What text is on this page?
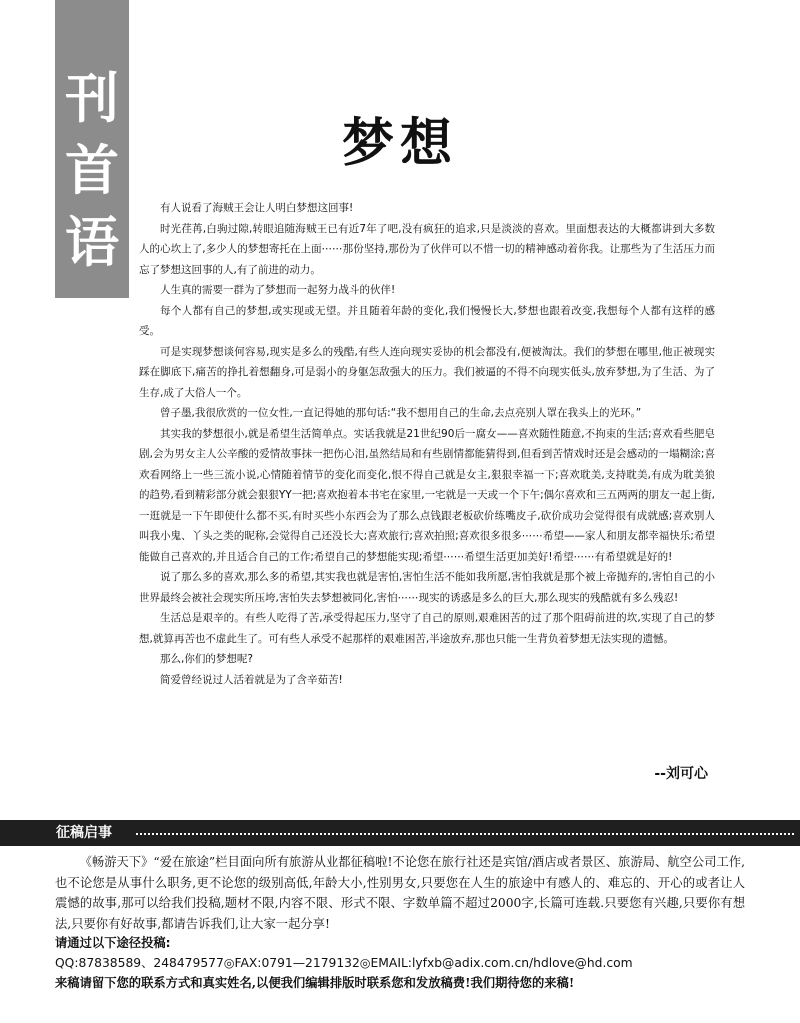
刊
首
语
梦想

有人说看了海贼王会让人明白梦想这回事!

时光荏苒,白驹过隙,转眼追随海贼王已有近7年了吧,没有疯狂的追求,只是淡淡的喜欢。里面想表达的大概都讲到大多数人的心坎上了,多少人的梦想寄托在上面⋯⋯那份坚持,那份为了伙伴可以不惜一切的精神感动着你我。让那些为了生活压力而忘了梦想这回事的人,有了前进的动力。

人生真的需要一群为了梦想而一起努力战斗的伙伴!

每个人都有自己的梦想,或实现或无望。并且随着年龄的变化,我们慢慢长大,梦想也跟着改变,我想每个人都有这样的感受。

可是实现梦想谈何容易,现实是多么的残酷,有些人连向现实妥协的机会都没有,便被淘汰。我们的梦想在哪里,他正被现实踩在脚底下,痛苦的挣扎着想翻身,可是弱小的身躯怎敌强大的压力。我们被逼的不得不向现实低头,放弃梦想,为了生活、为了生存,成了大俗人一个。

曾子墨,我很欣赏的一位女性,一直记得她的那句话:“我不想用自己的生命,去点亮别人罩在我头上的光环。”

其实我的梦想很小,就是希望生活简单点。实话我就是21世纪90后一腐女——喜欢随性随意,不拘束的生活;喜欢看些肥皂剧,会为男女主人公辛酸的爱情故事抹一把伤心泪,虽然结局和有些剧情都能猜得到,但看到苦情戏时还是会感动的一塌糊涂;喜欢看网络上一些三流小说,心情随着情节的变化而变化,恨不得自己就是女主,狠狠幸福一下;喜欢耽美,支持耽美,有成为耽美狼的趋势,看到精彩部分就会狠狠YY一把;喜欢抱着本书宅在家里,一宅就是一天或一个下午;偶尔喜欢和三五两两的朋友一起上街,一逛就是一下午即使什么都不买,有时买些小东西会为了那么点钱跟老板砍价练嘴皮子,砍价成功会觉得很有成就感;喜欢别人叫我小鬼、丫头之类的昵称,会觉得自己还没长大;喜欢旅行;喜欢拍照;喜欢很多很多⋯⋯希望——家人和朋友都幸福快乐;希望能做自己喜欢的,并且适合自己的工作;希望自己的梦想能实现;希望⋯⋯希望生活更加美好!希望⋯⋯有希望就是好的!

说了那么多的喜欢,那么多的希望,其实我也就是害怕,害怕生活不能如我所愿,害怕我就是那个被上帝抛弃的,害怕自己的小世界最终会被社会现实所压垮,害怕失去梦想被同化,害怕⋯⋯现实的诱惑是多么的巨大,那么现实的残酷就有多么残忍!

生活总是艰辛的。有些人吃得了苦,承受得起压力,坚守了自己的原则,艰难困苦的过了那个阻碍前进的坎,实现了自己的梦想,就算再苦也不虚此生了。可有些人承受不起那样的艰难困苦,半途放弃,那也只能一生背负着梦想无法实现的遗憾。

那么,你们的梦想呢?

简爱曾经说过人活着就是为了含辛茹苦!

--刘可心
征稿启事

《畅游天下》“爱在旅途”栏目面向所有旅游从业都征稿啦!不论您在旅行社还是宾馆/酒店或者景区、旅游局、航空公司工作,也不论您是从事什么职务,更不论您的级别高低,年龄大小,性别男女,只要您在人生的旅途中有感人的、难忘的、开心的或者让人震憾的故事,那可以给我们投稿,题材不限,内容不限、形式不限、字数单篇不超过2000字,长篇可连载.只要您有兴趣,只要你有想法,只要你有好故事,都请告诉我们,让大家一起分享!

请通过以下途径投稿:
QQ:87838589、248479577◎FAX:0791—2179132◎EMAIL:lyfxb@adix.com.cn/hdlove@hd.com
来稿请留下您的联系方式和真实姓名,以便我们编辑排版时联系您和发放稿费!我们期待您的来稿!
